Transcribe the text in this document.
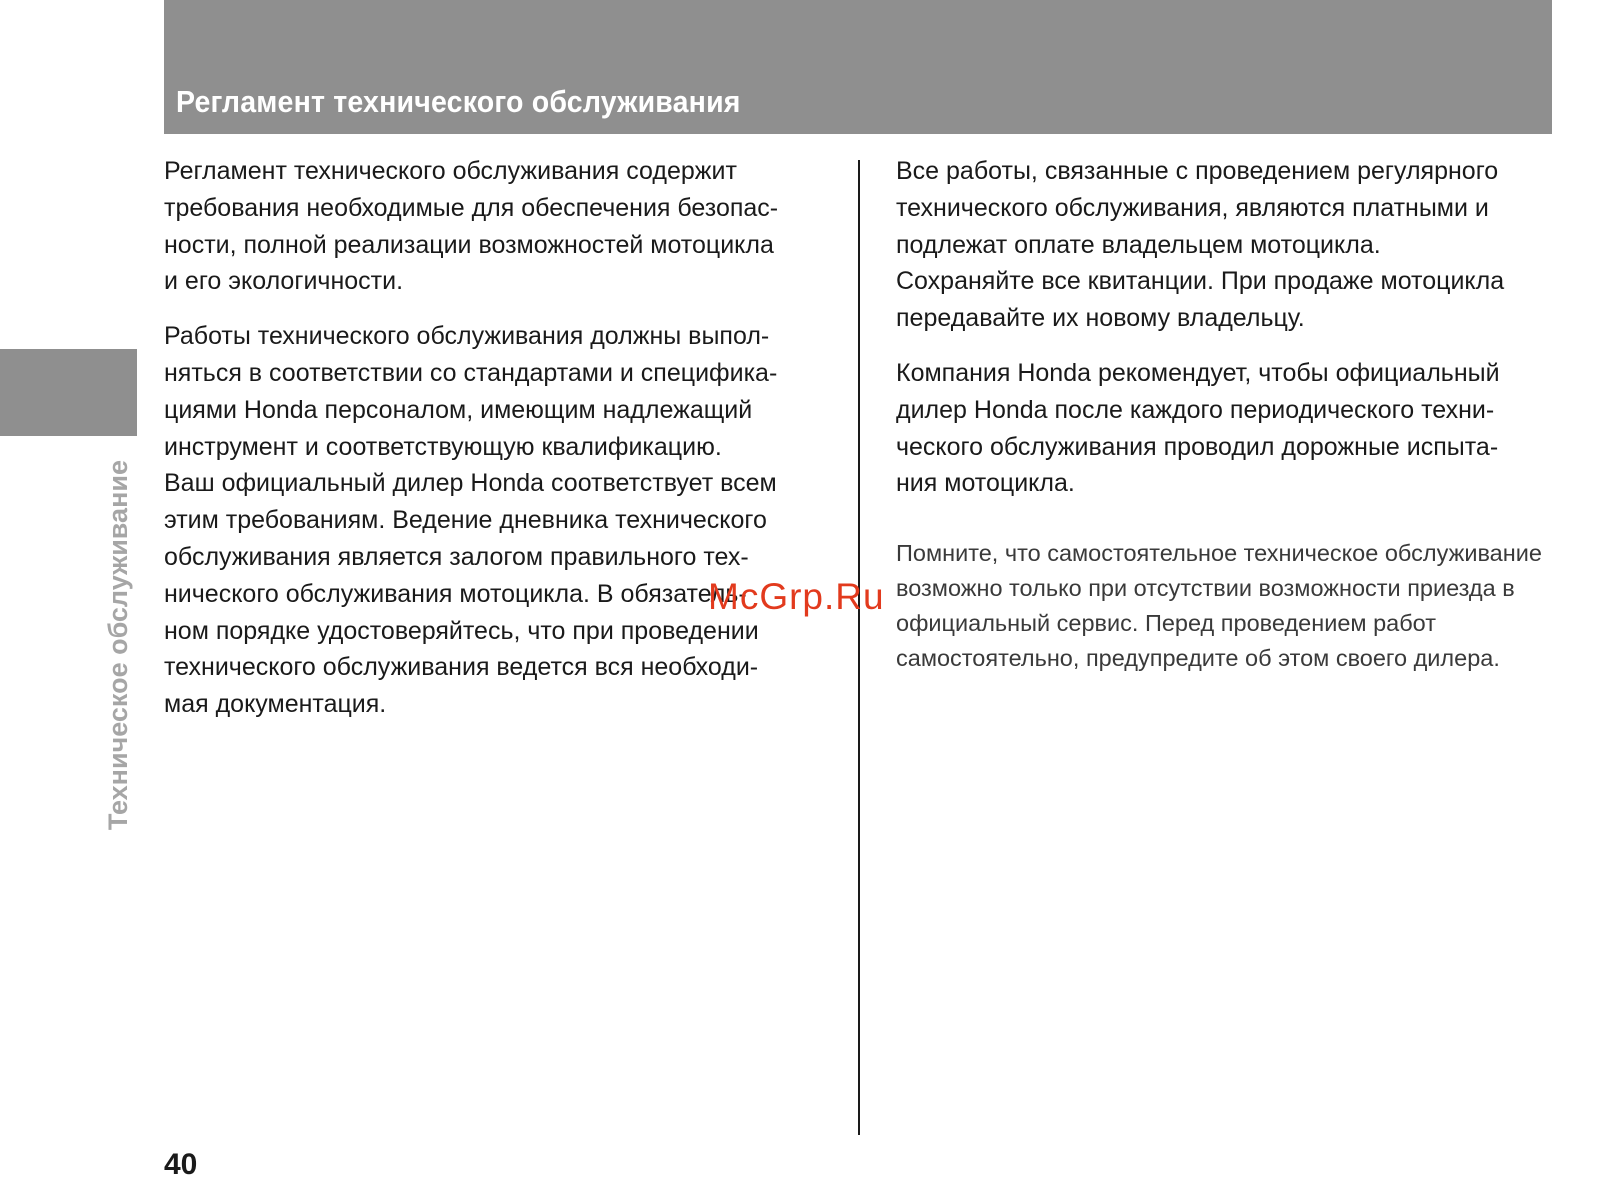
Регламент технического обслуживания
Техническое обслуживание

Регламент технического обслуживания содержит
требования необходимые для обеспечения безопас-
ности, полной реализации возможностей мотоцикла
и его экологичности.

Работы технического обслуживания должны выпол-
няться в соответствии со стандартами и специфика-
циями Honda персоналом, имеющим надлежащий
инструмент и соответствующую квалификацию.
Ваш официальный дилер Honda соответствует всем
этим требованиям. Ведение дневника технического
обслуживания является залогом правильного тех-
нического обслуживания мотоцикла. В обязатель-
ном порядке удостоверяйтесь, что при проведении
технического обслуживания ведется вся необходи-
мая документация.

Все работы, связанные с проведением регулярного
технического обслуживания, являются платными и
подлежат оплате владельцем мотоцикла.
Сохраняйте все квитанции. При продаже мотоцикла
передавайте их новому владельцу.

Компания Honda рекомендует, чтобы официальный
дилер Honda после каждого периодического техни-
ческого обслуживания проводил дорожные испыта-
ния мотоцикла.

Помните, что самостоятельное техническое обслуживание
возможно только при отсутствии возможности приезда в
официальный сервис. Перед проведением работ
самостоятельно, предупредите об этом своего дилера.

McGrp.Ru
40
